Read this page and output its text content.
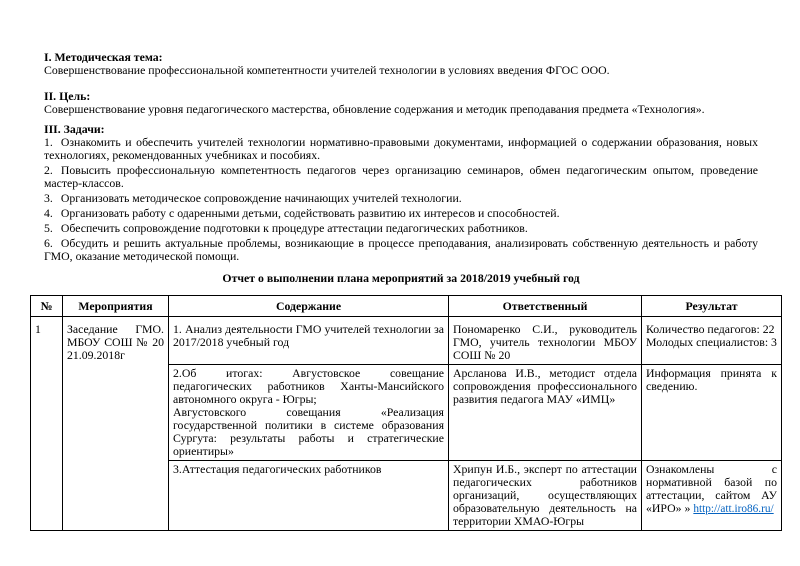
I. Методическая тема:

Совершенствование профессиональной компетентности учителей технологии в условиях введения ФГОС ООО.

II. Цель:

Совершенствование уровня педагогического мастерства, обновление содержания и методик преподавания предмета «Технология».

III. Задачи:

1. Ознакомить и обеспечить учителей технологии нормативно-правовыми документами, информацией о содержании образования, новых технологиях, рекомендованных учебниках и пособиях.

2. Повысить профессиональную компетентность педагогов через организацию семинаров, обмен педагогическим опытом, проведение мастер-классов.

3. Организовать методическое сопровождение начинающих учителей технологии.

4. Организовать работу с одаренными детьми, содействовать развитию их интересов и способностей.

5. Обеспечить сопровождение подготовки к процедуре аттестации педагогических работников.

6. Обсудить и решить актуальные проблемы, возникающие в процессе преподавания, анализировать собственную деятельность и работу ГМО, оказание методической помощи.

Отчет о выполнении плана мероприятий за 2018/2019 учебный год

№	Мероприятия	Содержание	Ответственный	Результат
1	Заседание ГМО. МБОУ СОШ № 20 21.09.2018г	1. Анализ деятельности ГМО учителей технологии за 2017/2018 учебный год	Пономаренко С.И., руководитель ГМО, учитель технологии МБОУ СОШ № 20	Количество педагогов: 22
Молодых специалистов: 3

		2.Об итогах: Августовское совещание педагогических работников Ханты-Мансийского автономного округа - Югры;
Августовского совещания «Реализация государственной политики в системе образования Сургута: результаты работы и стратегические ориентиры»	Арсланова И.В., методист отдела сопровождения профессионального развития педагога МАУ «ИМЦ»	Информация принята к сведению.

		3.Аттестация педагогических работников	Хрипун И.Б., эксперт по аттестации педагогических работников организаций, осуществляющих образовательную деятельность на территории ХМАО-Югры	Ознакомлены с нормативной базой по аттестации, сайтом АУ «ИРО» » http://att.iro86.ru/
